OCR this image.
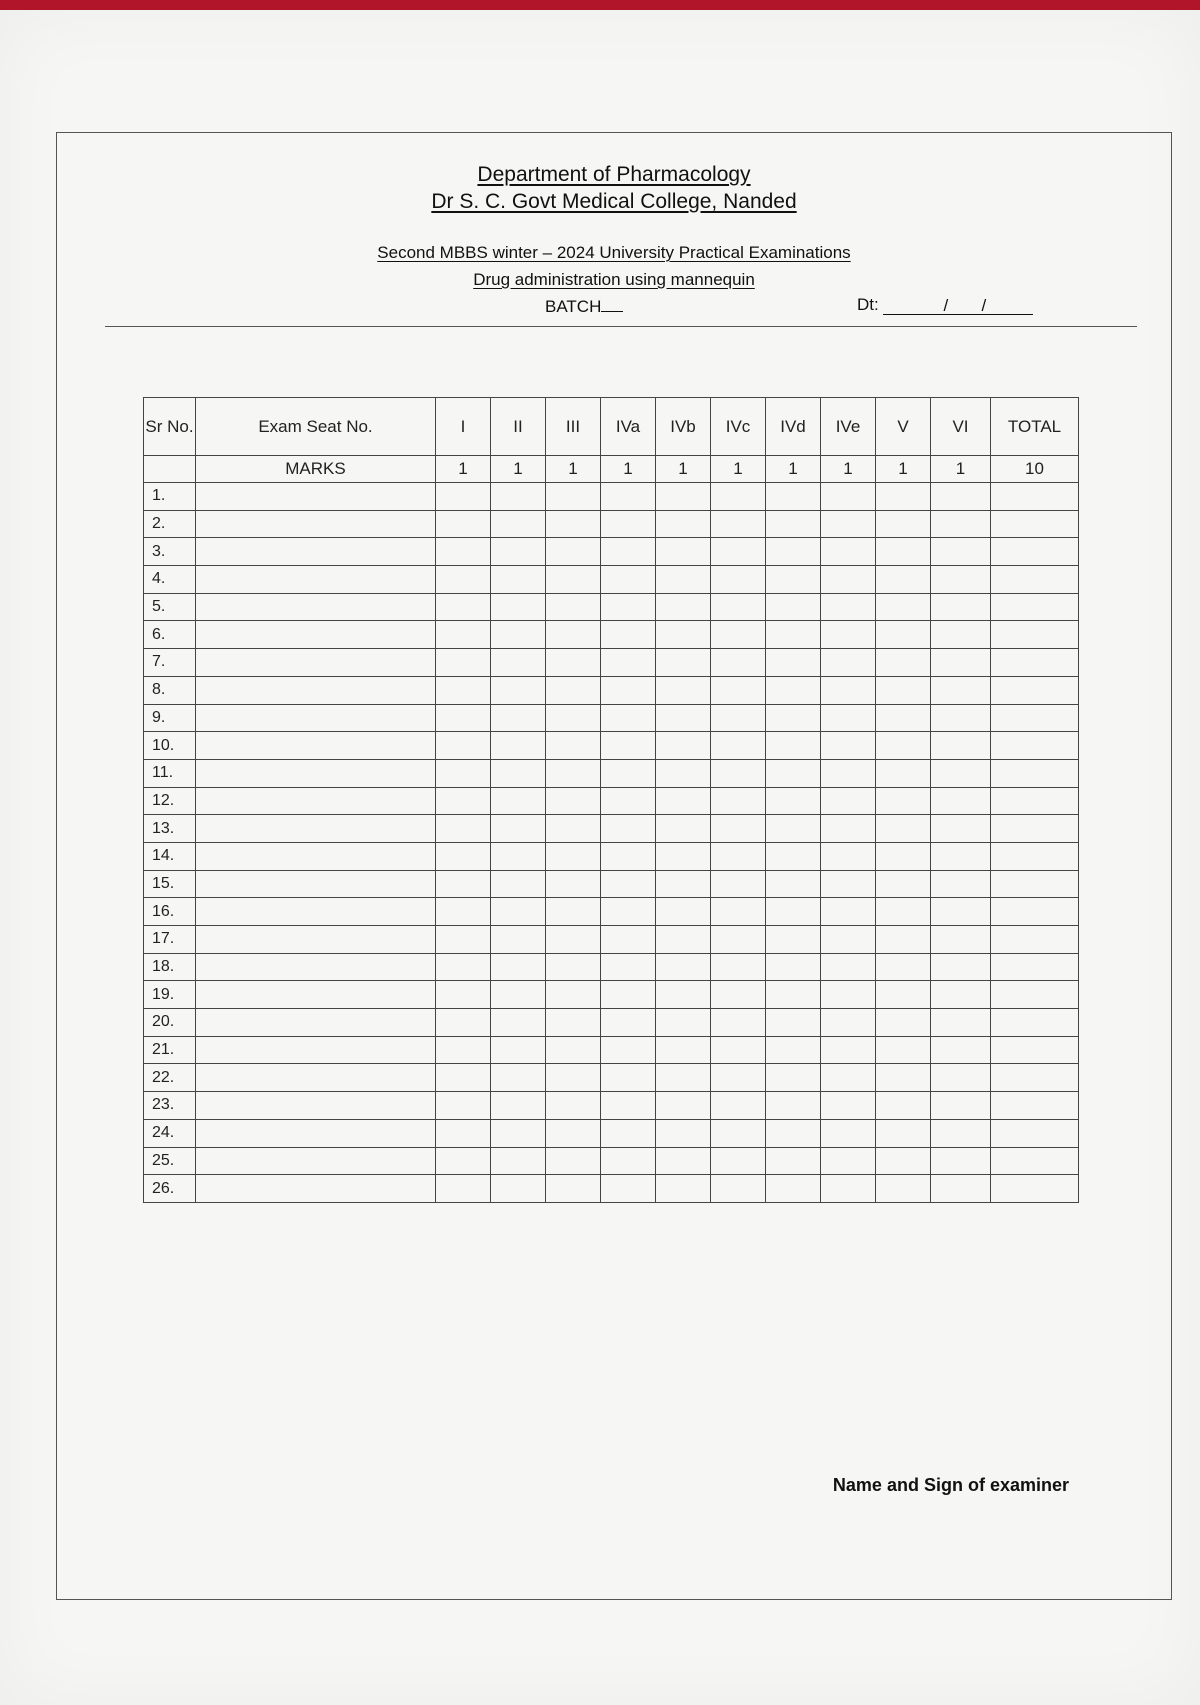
Department of Pharmacology
Dr S. C. Govt Medical College, Nanded
Second MBBS winter – 2024 University Practical Examinations
Drug administration using mannequin
BATCH	Dt:	/ /
Sr No.	Exam Seat No.	I	II	III	IVa	IVb	IVc	IVd	IVe	V	VI	TOTAL
	MARKS	1	1	1	1	1	1	1	1	1	1	10
1.												
2.												
3.												
4.												
5.												
6.												
7.												
8.												
9.												
10.												
11.												
12.												
13.												
14.												
15.												
16.												
17.												
18.												
19.												
20.												
21.												
22.												
23.												
24.												
25.												
26.												
Name and Sign of examiner
